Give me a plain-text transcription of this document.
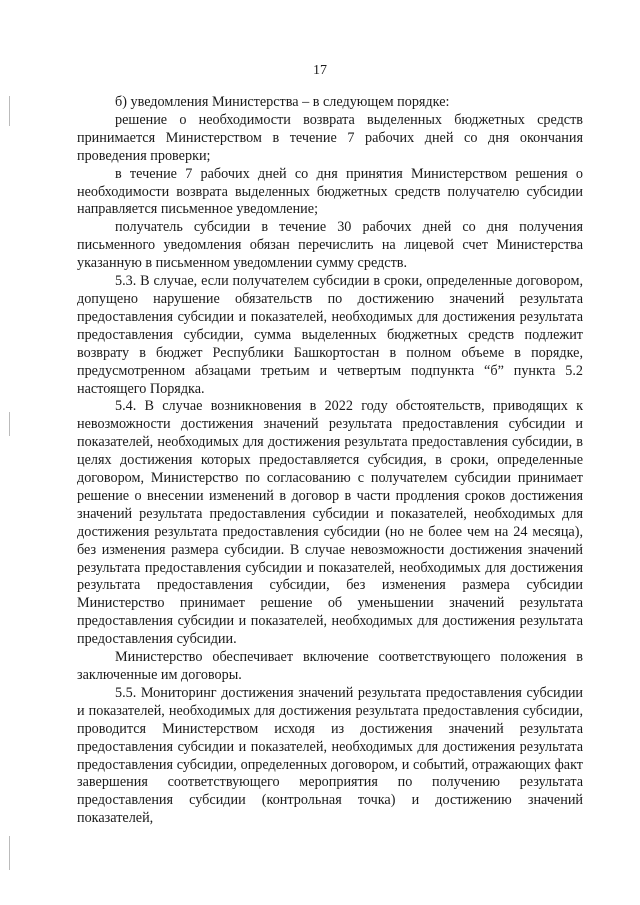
17

б) уведомления Министерства – в следующем порядке:

решение о необходимости возврата выделенных бюджетных средств принимается Министерством в течение 7 рабочих дней со дня окончания проведения проверки;

в течение 7 рабочих дней со дня принятия Министерством решения о необходимости возврата выделенных бюджетных средств получателю субсидии направляется письменное уведомление;

получатель субсидии в течение 30 рабочих дней со дня получения письменного уведомления обязан перечислить на лицевой счет Министерства указанную в письменном уведомлении сумму средств.

5.3. В случае, если получателем субсидии в сроки, определенные договором, допущено нарушение обязательств по достижению значений результата предоставления субсидии и показателей, необходимых для достижения результата предоставления субсидии, сумма выделенных бюджетных средств подлежит возврату в бюджет Республики Башкортостан в полном объеме в порядке, предусмотренном абзацами третьим и четвертым подпункта “б” пункта 5.2 настоящего Порядка.

5.4. В случае возникновения в 2022 году обстоятельств, приводящих к невозможности достижения значений результата предоставления субсидии и показателей, необходимых для достижения результата предоставления субсидии, в целях достижения которых предоставляется субсидия, в сроки, определенные договором, Министерство по согласованию с получателем субсидии принимает решение о внесении изменений в договор в части продления сроков достижения значений результата предоставления субсидии и показателей, необходимых для достижения результата предоставления субсидии (но не более чем на 24 месяца), без изменения размера субсидии. В случае невозможности достижения значений результата предоставления субсидии и показателей, необходимых для достижения результата предоставления субсидии, без изменения размера субсидии Министерство принимает решение об уменьшении значений результата предоставления субсидии и показателей, необходимых для достижения результата предоставления субсидии.

Министерство обеспечивает включение соответствующего положения в заключенные им договоры.

5.5. Мониторинг достижения значений результата предоставления субсидии и показателей, необходимых для достижения результата предоставления субсидии, проводится Министерством исходя из достижения значений результата предоставления субсидии и показателей, необходимых для достижения результата предоставления субсидии, определенных договором, и событий, отражающих факт завершения соответствующего мероприятия по получению результата предоставления субсидии (контрольная точка) и достижению значений показателей,
